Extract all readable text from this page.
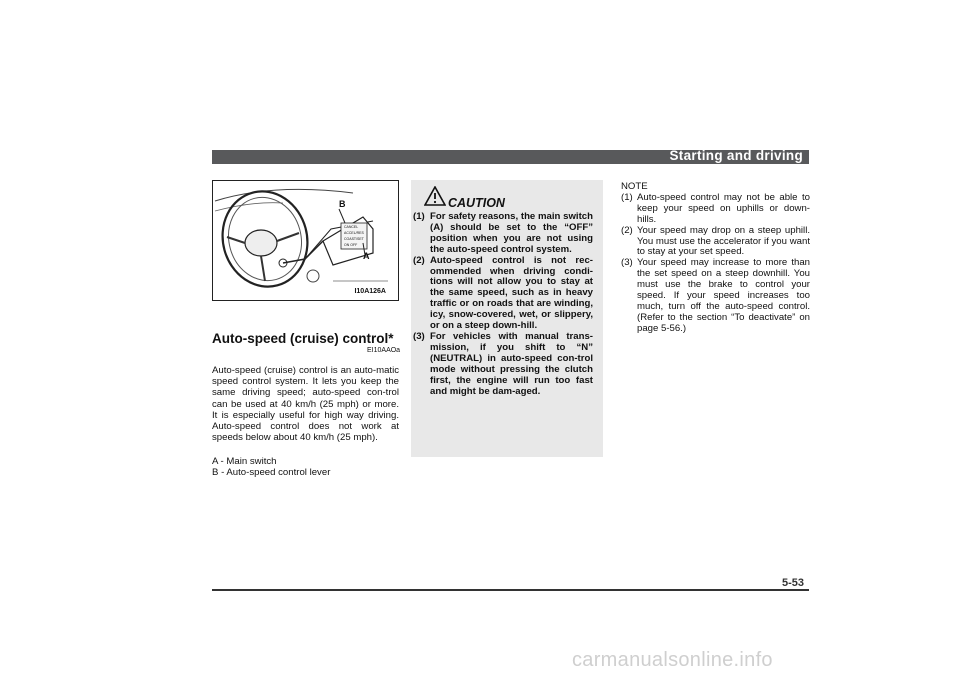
Starting and driving
B
A
CANCEL
ACCEL/RES
COAST/SET
ON OFF
I10A126A
Auto-speed (cruise) control*
EI10AAOa
Auto-speed (cruise) control is an auto-matic speed control system. It lets you keep the same driving speed; auto-speed con-trol can be used at 40 km/h (25 mph) or more. It is especially useful for high way driving. Auto-speed control does not work at speeds below about 40 km/h (25 mph).
A - Main switch
B - Auto-speed control lever
CAUTION
(1) For safety reasons, the main switch (A) should be set to the “OFF” position when you are not using the auto-speed control system.
(2) Auto-speed control is not rec-ommended when driving condi-tions will not allow you to stay at the same speed, such as in heavy traffic or on roads that are winding, icy, snow-covered, wet, or slippery, or on a steep down-hill.
(3) For vehicles with manual trans-mission, if you shift to “N” (NEUTRAL) in auto-speed con-trol mode without pressing the clutch first, the engine will run too fast and might be dam-aged.
NOTE
(1) Auto-speed control may not be able to keep your speed on uphills or down-hills.
(2) Your speed may drop on a steep uphill. You must use the accelerator if you want to stay at your set speed.
(3) Your speed may increase to more than the set speed on a steep downhill. You must use the brake to control your speed. If your speed increases too much, turn off the auto-speed control. (Refer to the section “To deactivate” on page 5-56.)
5-53
carmanualsonline.info
